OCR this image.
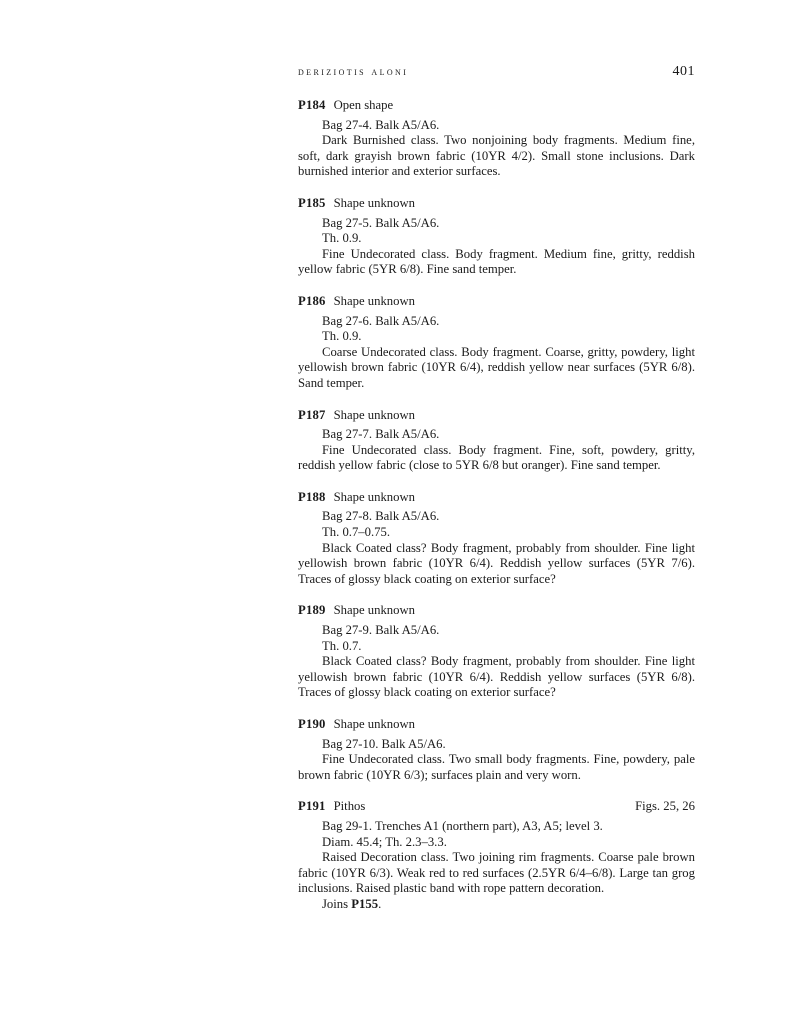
deriziotis aloni	401
P184 Open shape
Bag 27-4. Balk A5/A6.
Dark Burnished class. Two nonjoining body fragments. Medium fine, soft, dark grayish brown fabric (10YR 4/2). Small stone inclusions. Dark burnished interior and exterior surfaces.
P185 Shape unknown
Bag 27-5. Balk A5/A6.
Th. 0.9.
Fine Undecorated class. Body fragment. Medium fine, gritty, reddish yellow fabric (5YR 6/8). Fine sand temper.
P186 Shape unknown
Bag 27-6. Balk A5/A6.
Th. 0.9.
Coarse Undecorated class. Body fragment. Coarse, gritty, powdery, light yellowish brown fabric (10YR 6/4), reddish yellow near surfaces (5YR 6/8). Sand temper.
P187 Shape unknown
Bag 27-7. Balk A5/A6.
Fine Undecorated class. Body fragment. Fine, soft, powdery, gritty, reddish yellow fabric (close to 5YR 6/8 but oranger). Fine sand temper.
P188 Shape unknown
Bag 27-8. Balk A5/A6.
Th. 0.7–0.75.
Black Coated class? Body fragment, probably from shoulder. Fine light yellowish brown fabric (10YR 6/4). Reddish yellow surfaces (5YR 7/6). Traces of glossy black coating on exterior surface?
P189 Shape unknown
Bag 27-9. Balk A5/A6.
Th. 0.7.
Black Coated class? Body fragment, probably from shoulder. Fine light yellowish brown fabric (10YR 6/4). Reddish yellow surfaces (5YR 6/8). Traces of glossy black coating on exterior surface?
P190 Shape unknown
Bag 27-10. Balk A5/A6.
Fine Undecorated class. Two small body fragments. Fine, powdery, pale brown fabric (10YR 6/3); surfaces plain and very worn.
P191 Pithos	Figs. 25, 26
Bag 29-1. Trenches A1 (northern part), A3, A5; level 3.
Diam. 45.4; Th. 2.3–3.3.
Raised Decoration class. Two joining rim fragments. Coarse pale brown fabric (10YR 6/3). Weak red to red surfaces (2.5YR 6/4–6/8). Large tan grog inclusions. Raised plastic band with rope pattern decoration.
Joins P155.
